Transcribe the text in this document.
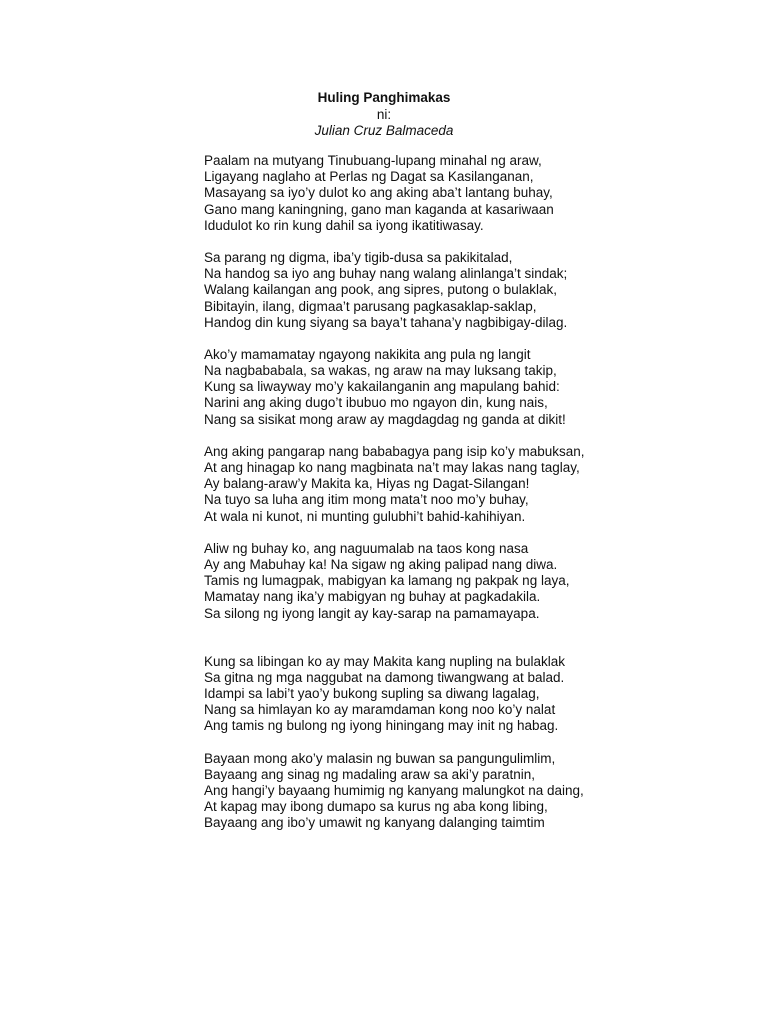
Huling Panghimakas
ni:
Julian Cruz Balmaceda
Paalam na mutyang Tinubuang-lupang minahal ng araw,
Ligayang naglaho at Perlas ng Dagat sa Kasilanganan,
Masayang sa iyo’y dulot ko ang aking aba’t lantang buhay,
Gano mang kaningning, gano man kaganda at kasariwaan
Idudulot ko rin kung dahil sa iyong ikatitiwasay.
Sa parang ng digma, iba’y tigib-dusa sa pakikitalad,
Na handog sa iyo ang buhay nang walang alinlanga’t sindak;
Walang kailangan ang pook, ang sipres, putong o bulaklak,
Bibitayin, ilang, digmaa’t parusang pagkasaklap-saklap,
Handog din kung siyang sa baya’t tahana’y nagbibigay-dilag.
Ako’y mamamatay ngayong nakikita ang pula ng langit
Na nagbababala, sa wakas, ng araw na may luksang takip,
Kung sa liwayway mo’y kakailanganin ang mapulang bahid:
Narini ang aking dugo’t ibubuo mo ngayon din, kung nais,
Nang sa sisikat mong araw ay magdagdag ng ganda at dikit!
Ang aking pangarap nang bababagya pang isip ko’y mabuksan,
At ang hinagap ko nang magbinata na’t may lakas nang taglay,
Ay balang-araw’y Makita ka, Hiyas ng Dagat-Silangan!
Na tuyo sa luha ang itim mong mata’t noo mo’y buhay,
At wala ni kunot, ni munting gulubhi’t bahid-kahihiyan.
Aliw ng buhay ko, ang naguumalab na taos kong nasa
Ay ang Mabuhay ka! Na sigaw ng aking palipad nang diwa.
Tamis ng lumagpak, mabigyan ka lamang ng pakpak ng laya,
Mamatay nang ika’y mabigyan ng buhay at pagkadakila.
Sa silong ng iyong langit ay kay-sarap na pamamayapa.
Kung sa libingan ko ay may Makita kang nupling na bulaklak
Sa gitna ng mga naggubat na damong tiwangwang at balad.
Idampi sa labi’t yao’y bukong supling sa diwang lagalag,
Nang sa himlayan ko ay maramdaman kong noo ko’y nalat
Ang tamis ng bulong ng iyong hiningang may init ng habag.
Bayaan mong ako’y malasin ng buwan sa pangungulimlim,
Bayaang ang sinag ng madaling araw sa aki’y paratnin,
Ang hangi’y bayaang humimig ng kanyang malungkot na daing,
At kapag may ibong dumapo sa kurus ng aba kong libing,
Bayaang ang ibo’y umawit ng kanyang dalanging taimtim
